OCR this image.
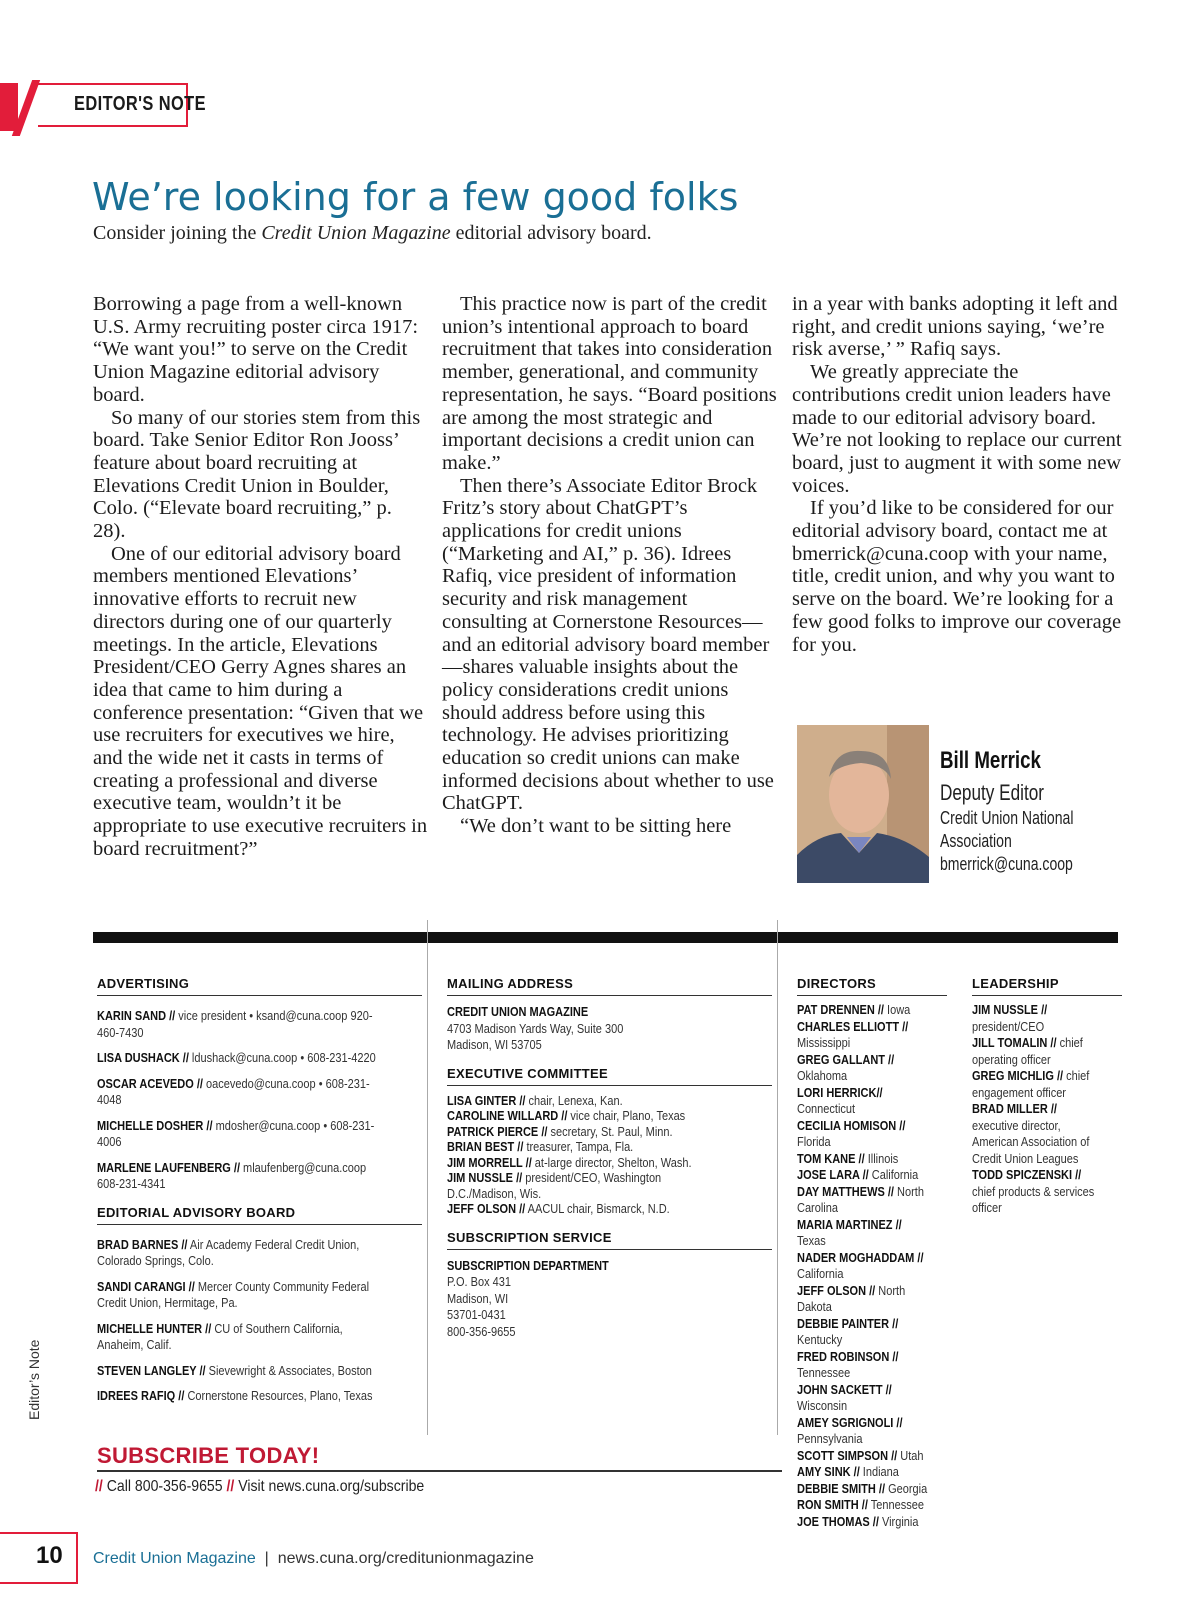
EDITOR'S NOTE
We’re looking for a few good folks
Consider joining the Credit Union Magazine editorial advisory board.

Borrowing a page from a well-known U.S. Army recruiting poster circa 1917: “We want you!” to serve on the Credit Union Magazine editorial advisory board.

So many of our stories stem from this board. Take Senior Editor Ron Jooss’ feature about board recruiting at Elevations Credit Union in Boulder, Colo. (“Elevate board recruiting,” p. 28).

One of our editorial advisory board members mentioned Elevations’ innovative efforts to recruit new directors during one of our quarterly meetings. In the article, Elevations President/CEO Gerry Agnes shares an idea that came to him during a conference presentation: “Given that we use recruiters for executives we hire, and the wide net it casts in terms of creating a professional and diverse executive team, wouldn’t it be appropriate to use executive recruiters in board recruitment?”

This practice now is part of the credit union’s intentional approach to board recruitment that takes into consideration member, generational, and community representation, he says. “Board positions are among the most strategic and important decisions a credit union can make.”

Then there’s Associate Editor Brock Fritz’s story about ChatGPT’s applications for credit unions (“Marketing and AI,” p. 36). Idrees Rafiq, vice president of information security and risk management consulting at Cornerstone Resources—and an editorial advisory board member—shares valuable insights about the policy considerations credit unions should address before using this technology. He advises prioritizing education so credit unions can make informed decisions about whether to use ChatGPT.

“We don’t want to be sitting here

in a year with banks adopting it left and right, and credit unions saying, ‘we’re risk averse,’ ” Rafiq says.

We greatly appreciate the contributions credit union leaders have made to our editorial advisory board. We’re not looking to replace our current board, just to augment it with some new voices.

If you’d like to be considered for our editorial advisory board, contact me at bmerrick@cuna.coop with your name, title, credit union, and why you want to serve on the board. We’re looking for a few good folks to improve our coverage for you.

Bill Merrick
Deputy Editor
Credit Union National
Association
bmerrick@cuna.coop
ADVERTISING
KARIN SAND // vice president • ksand@cuna.coop 920-460-7430
LISA DUSHACK // ldushack@cuna.coop • 608-231-4220
OSCAR ACEVEDO // oacevedo@cuna.coop • 608-231-4048
MICHELLE DOSHER // mdosher@cuna.coop • 608-231-4006
MARLENE LAUFENBERG // mlaufenberg@cuna.coop 608-231-4341
EDITORIAL ADVISORY BOARD
BRAD BARNES // Air Academy Federal Credit Union, Colorado Springs, Colo.
SANDI CARANGI // Mercer County Community Federal Credit Union, Hermitage, Pa.
MICHELLE HUNTER // CU of Southern California, Anaheim, Calif.
STEVEN LANGLEY // Sievewright & Associates, Boston
IDREES RAFIQ // Cornerstone Resources, Plano, Texas
MAILING ADDRESS
CREDIT UNION MAGAZINE
4703 Madison Yards Way, Suite 300
Madison, WI 53705
EXECUTIVE COMMITTEE
LISA GINTER // chair, Lenexa, Kan.
CAROLINE WILLARD // vice chair, Plano, Texas
PATRICK PIERCE // secretary, St. Paul, Minn.
BRIAN BEST // treasurer, Tampa, Fla.
JIM MORRELL // at-large director, Shelton, Wash.
JIM NUSSLE // president/CEO, Washington D.C./Madison, Wis.
JEFF OLSON // AACUL chair, Bismarck, N.D.
SUBSCRIPTION SERVICE
SUBSCRIPTION DEPARTMENT
P.O. Box 431
Madison, WI
53701-0431
800-356-9655
DIRECTORS
PAT DRENNEN // Iowa
CHARLES ELLIOTT // Mississippi
GREG GALLANT // Oklahoma
LORI HERRICK// Connecticut
CECILIA HOMISON // Florida
TOM KANE // Illinois
JOSE LARA // California
DAY MATTHEWS // North Carolina
MARIA MARTINEZ // Texas
NADER MOGHADDAM // California
JEFF OLSON // North Dakota
DEBBIE PAINTER // Kentucky
FRED ROBINSON // Tennessee
JOHN SACKETT // Wisconsin
AMEY SGRIGNOLI // Pennsylvania
SCOTT SIMPSON // Utah
AMY SINK // Indiana
DEBBIE SMITH // Georgia
RON SMITH // Tennessee
JOE THOMAS // Virginia
LEADERSHIP
JIM NUSSLE // president/CEO
JILL TOMALIN // chief operating officer
GREG MICHLIG // chief engagement officer
BRAD MILLER // executive director, American Association of Credit Union Leagues
TODD SPICZENSKI // chief products & services officer
SUBSCRIBE TODAY!
// Call 800-356-9655 // Visit news.cuna.org/subscribe
Editor’s Note
10 Credit Union Magazine  |  news.cuna.org/creditunionmagazine
